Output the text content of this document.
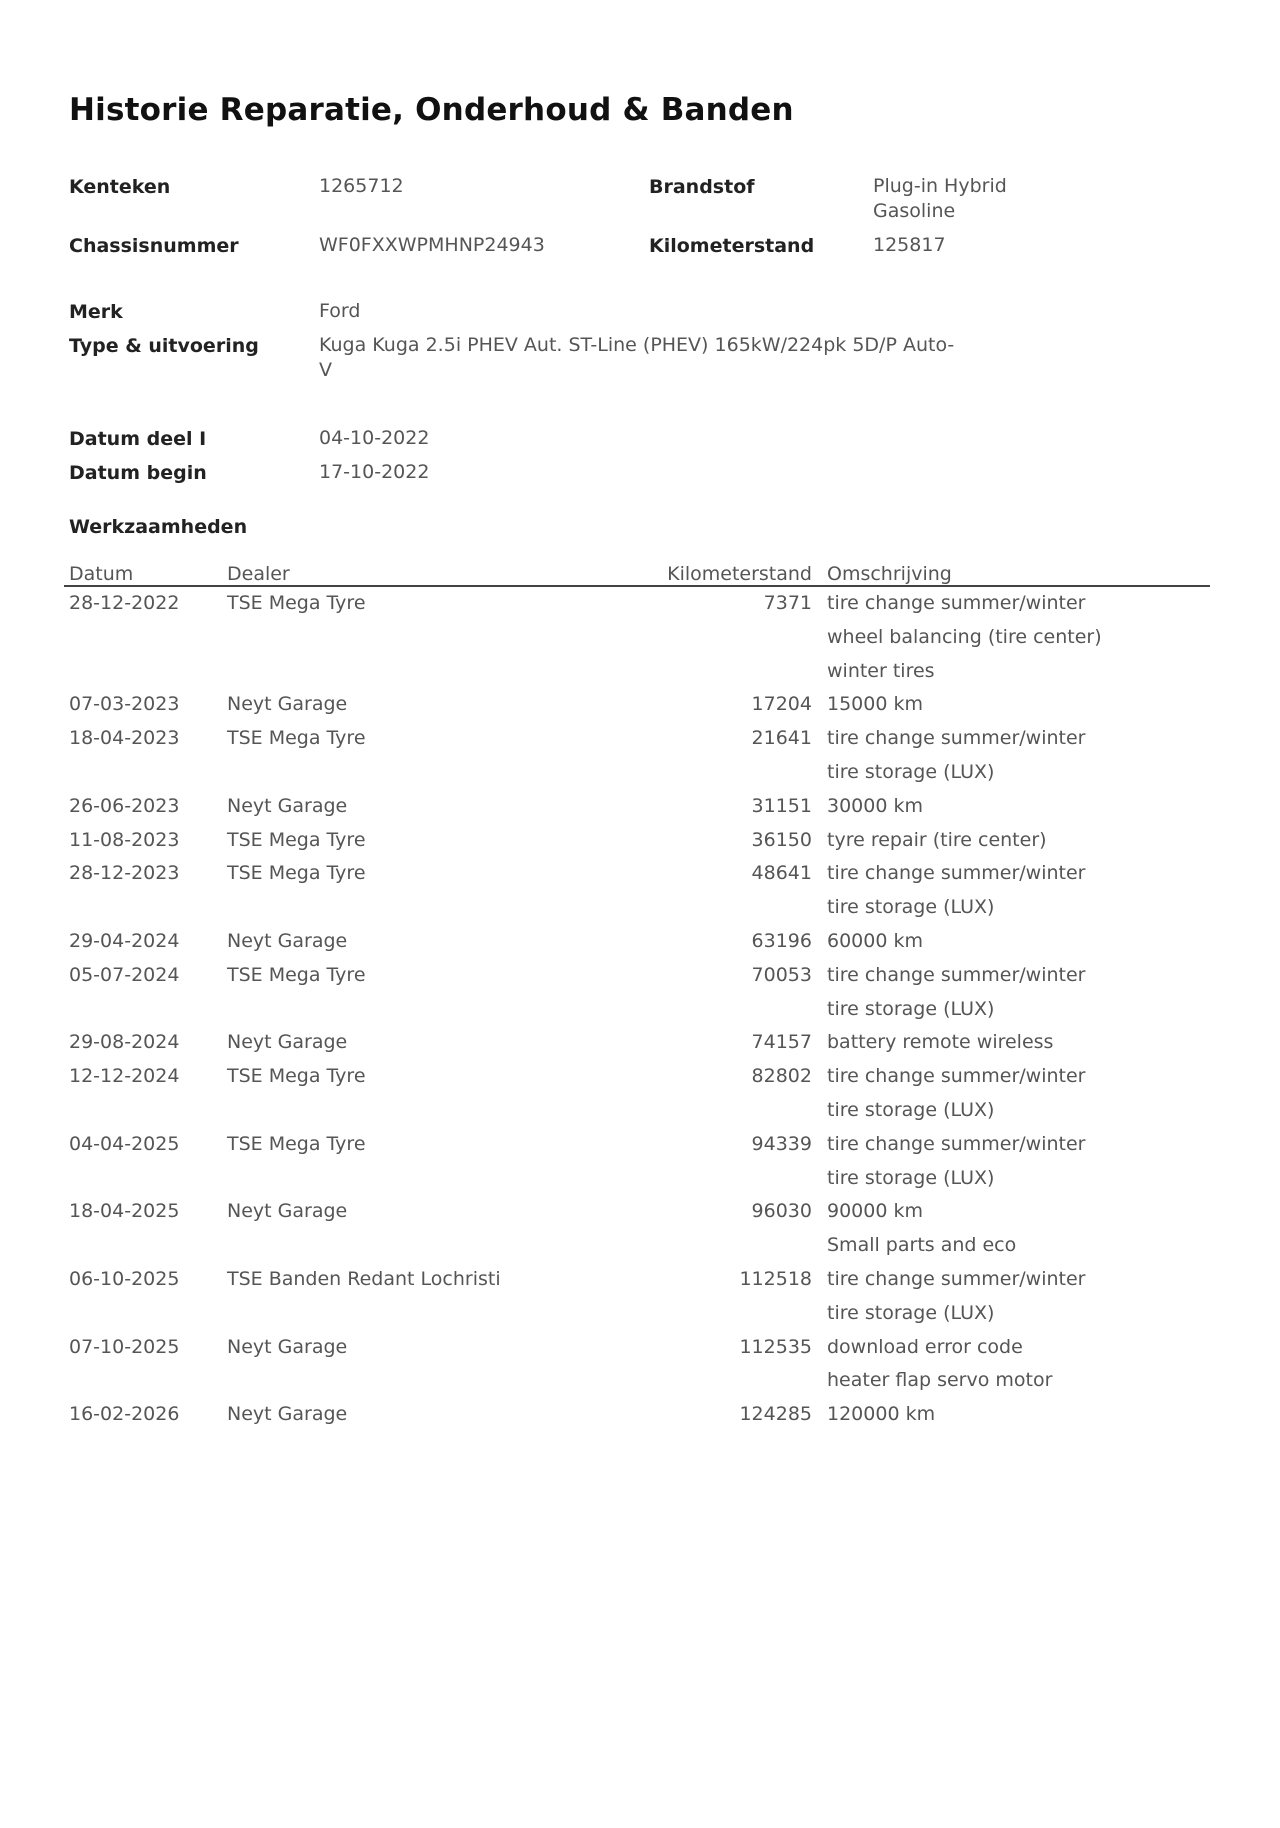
Historie Reparatie, Onderhoud & Banden
Kenteken	1265712	Brandstof	Plug-in Hybrid
Gasoline
Chassisnummer	WF0FXXWPMHNP24943	Kilometerstand	125817
Merk	Ford
Type & uitvoering	Kuga Kuga 2.5i PHEV Aut. ST-Line (PHEV) 165kW/224pk 5D/P Auto-
V
Datum deel I	04-10-2022
Datum begin	17-10-2022
Werkzaamheden
Datum	Dealer	Kilometerstand	Omschrijving
28-12-2022	TSE Mega Tyre	7371	tire change summer/winter
			wheel balancing (tire center)
			winter tires
07-03-2023	Neyt Garage	17204	15000 km
18-04-2023	TSE Mega Tyre	21641	tire change summer/winter
			tire storage (LUX)
26-06-2023	Neyt Garage	31151	30000 km
11-08-2023	TSE Mega Tyre	36150	tyre repair (tire center)
28-12-2023	TSE Mega Tyre	48641	tire change summer/winter
			tire storage (LUX)
29-04-2024	Neyt Garage	63196	60000 km
05-07-2024	TSE Mega Tyre	70053	tire change summer/winter
			tire storage (LUX)
29-08-2024	Neyt Garage	74157	battery remote wireless
12-12-2024	TSE Mega Tyre	82802	tire change summer/winter
			tire storage (LUX)
04-04-2025	TSE Mega Tyre	94339	tire change summer/winter
			tire storage (LUX)
18-04-2025	Neyt Garage	96030	90000 km
			Small parts and eco
06-10-2025	TSE Banden Redant Lochristi	112518	tire change summer/winter
			tire storage (LUX)
07-10-2025	Neyt Garage	112535	download error code
			heater flap servo motor
16-02-2026	Neyt Garage	124285	120000 km
